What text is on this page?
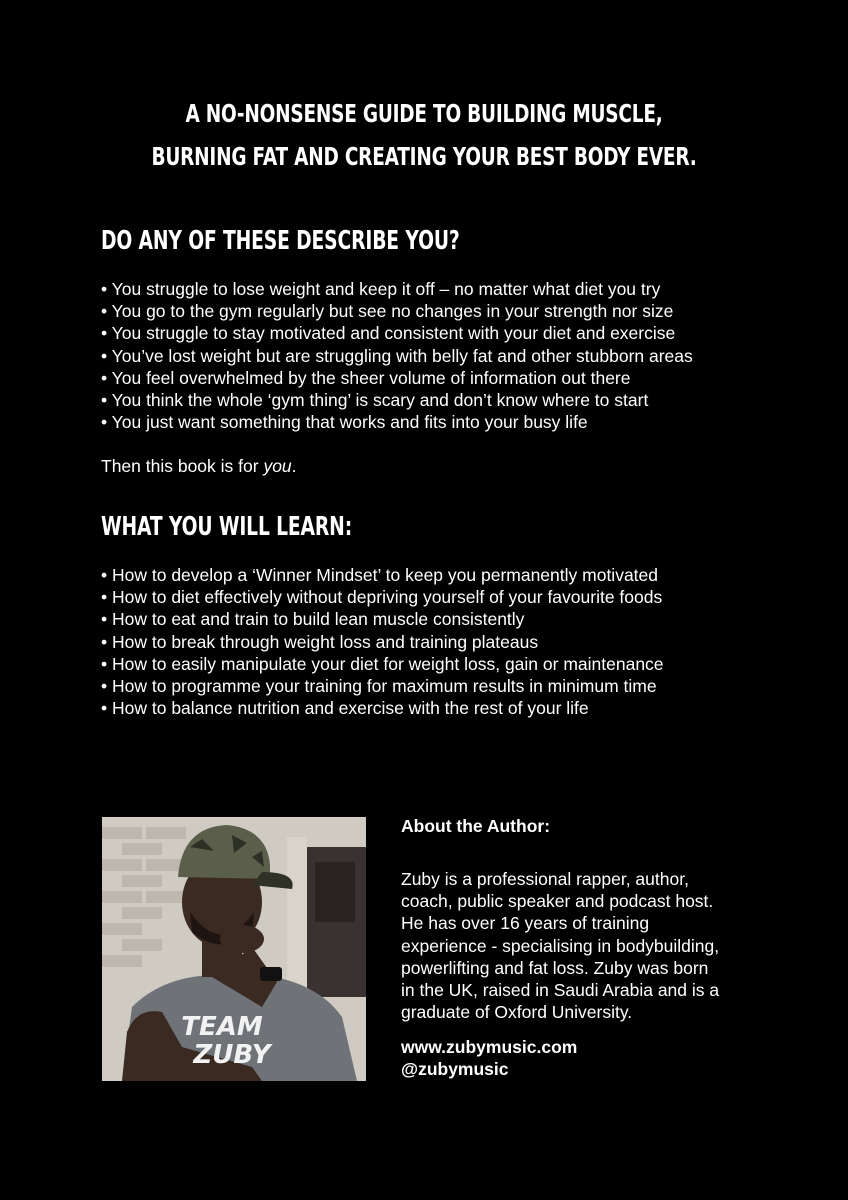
A NO-NONSENSE GUIDE TO BUILDING MUSCLE,
BURNING FAT AND CREATING YOUR BEST BODY EVER.
DO ANY OF THESE DESCRIBE YOU?
• You struggle to lose weight and keep it off – no matter what diet you try
• You go to the gym regularly but see no changes in your strength nor size
• You struggle to stay motivated and consistent with your diet and exercise
• You’ve lost weight but are struggling with belly fat and other stubborn areas
• You feel overwhelmed by the sheer volume of information out there
• You think the whole ‘gym thing’ is scary and don’t know where to start
• You just want something that works and fits into your busy life
Then this book is for you.
WHAT YOU WILL LEARN:
• How to develop a ‘Winner Mindset’ to keep you permanently motivated
• How to diet effectively without depriving yourself of your favourite foods
• How to eat and train to build lean muscle consistently
• How to break through weight loss and training plateaus
• How to easily manipulate your diet for weight loss, gain or maintenance
• How to programme your training for maximum results in minimum time
• How to balance nutrition and exercise with the rest of your life
TEAM
ZUBY
About the Author:
Zuby is a professional rapper, author,
coach, public speaker and podcast host.
He has over 16 years of training
experience - specialising in bodybuilding,
powerlifting and fat loss. Zuby was born
in the UK, raised in Saudi Arabia and is a
graduate of Oxford University.
www.zubymusic.com
@zubymusic
